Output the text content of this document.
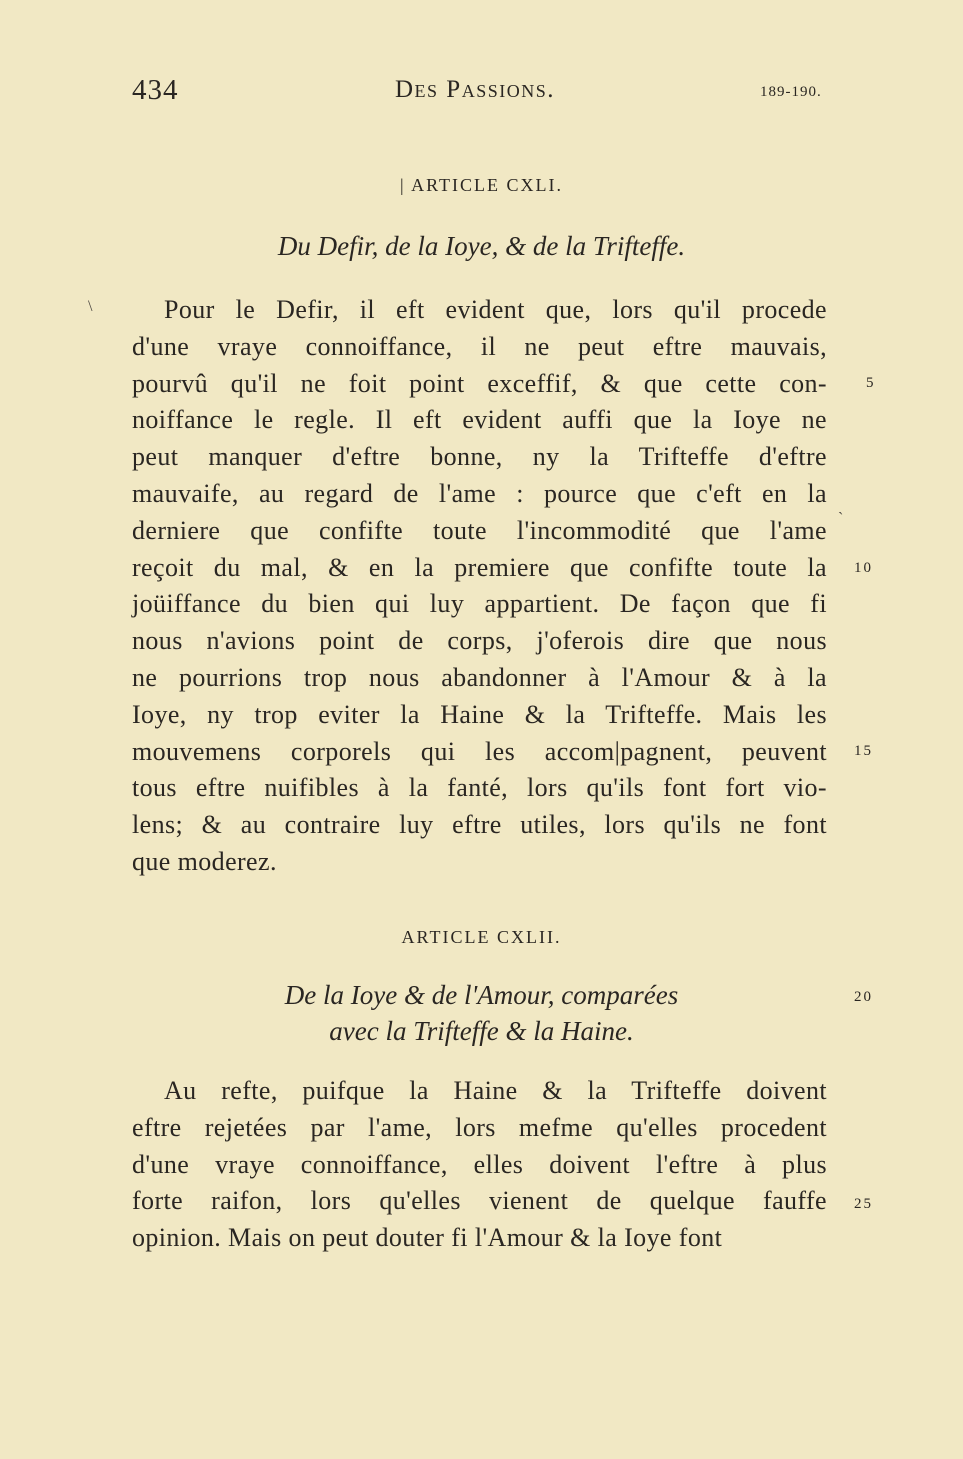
434	Des Passions.	189-190.
| ARTICLE CXLI.
Du Defir, de la Ioye, & de la Trifteffe.
\
`
Pour le Defir, il eft evident que, lors qu'il procede
d'une vraye connoiffance, il ne peut eftre mauvais,
pourvû qu'il ne foit point exceffif, & que cette con-
noiffance le regle. Il eft evident auffi que la Ioye ne
peut manquer d'eftre bonne, ny la Trifteffe d'eftre
mauvaife, au regard de l'ame : pource que c'eft en la
derniere que confifte toute l'incommodité que l'ame
reçoit du mal, & en la premiere que confifte toute la
joüiffance du bien qui luy appartient. De façon que fi
nous n'avions point de corps, j'oferois dire que nous
ne pourrions trop nous abandonner à l'Amour & à la
Ioye, ny trop eviter la Haine & la Trifteffe. Mais les
mouvemens corporels qui les accom|pagnent, peuvent
tous eftre nuifibles à la fanté, lors qu'ils font fort vio-
lens; & au contraire luy eftre utiles, lors qu'ils ne font
que moderez.
ARTICLE CXLII.
De la Ioye & de l'Amour, comparées
avec la Trifteffe & la Haine.
Au refte, puifque la Haine & la Trifteffe doivent
eftre rejetées par l'ame, lors mefme qu'elles procedent
d'une vraye connoiffance, elles doivent l'eftre à plus
forte raifon, lors qu'elles vienent de quelque fauffe
opinion. Mais on peut douter fi l'Amour & la Ioye font
5
10
15
20
25
